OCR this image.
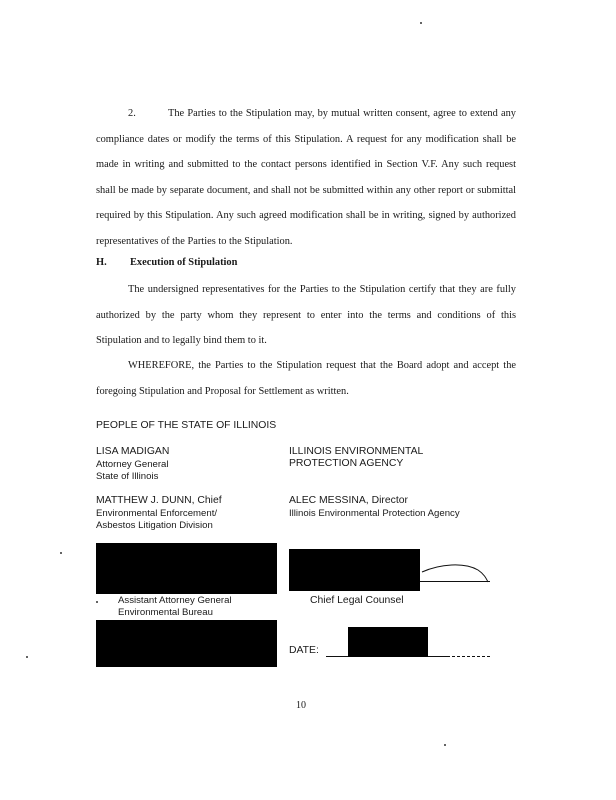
2.	The Parties to the Stipulation may, by mutual written consent, agree to extend any compliance dates or modify the terms of this Stipulation. A request for any modification shall be made in writing and submitted to the contact persons identified in Section V.F. Any such request shall be made by separate document, and shall not be submitted within any other report or submittal required by this Stipulation. Any such agreed modification shall be in writing, signed by authorized representatives of the Parties to the Stipulation.

H. Execution of Stipulation

The undersigned representatives for the Parties to the Stipulation certify that they are fully authorized by the party whom they represent to enter into the terms and conditions of this Stipulation and to legally bind them to it.

WHEREFORE, the Parties to the Stipulation request that the Board adopt and accept the foregoing Stipulation and Proposal for Settlement as written.

PEOPLE OF THE STATE OF ILLINOIS
LISA MADIGAN
Attorney General
State of Illinois
ILLINOIS ENVIRONMENTAL
PROTECTION AGENCY
MATTHEW J. DUNN, Chief
Environmental Enforcement/
Asbestos Litigation Division
ALEC MESSINA, Director
Illinois Environmental Protection Agency
Assistant Attorney General
Environmental Bureau
Chief Legal Counsel
DATE:
10
